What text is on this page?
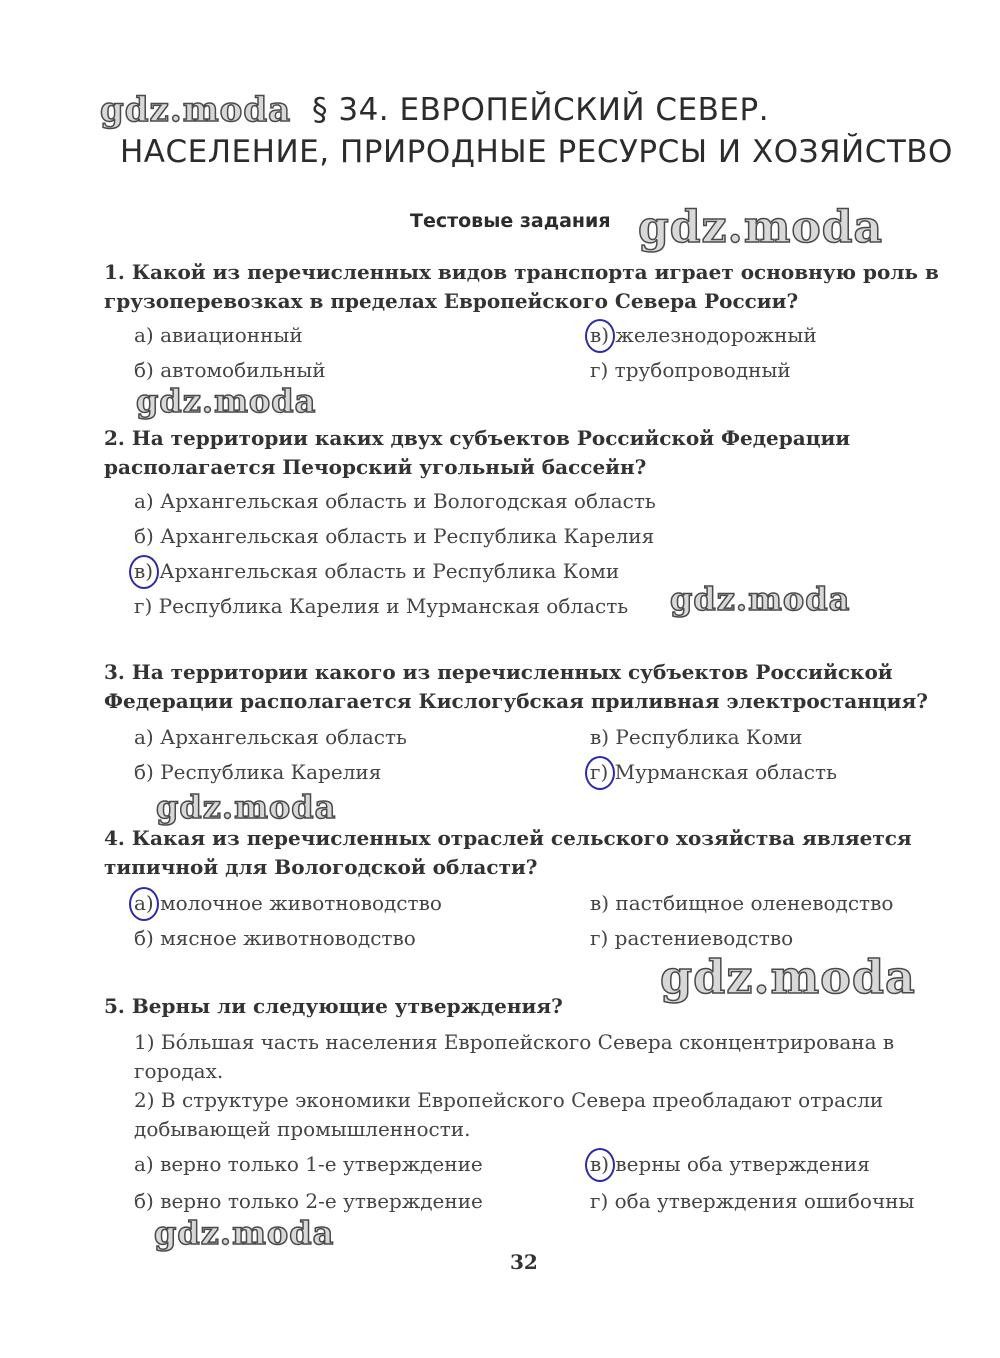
§ 34. ЕВРОПЕЙСКИЙ СЕВЕР.
НАСЕЛЕНИЕ, ПРИРОДНЫЕ РЕСУРСЫ И ХОЗЯЙСТВО
Тестовые задания
1. Какой из перечисленных видов транспорта играет основную роль в грузоперевозках в пределах Европейского Севера России?
а) авиационный	в) железнодорожный
б) автомобильный	г) трубопроводный
2. На территории каких двух субъектов Российской Федерации располагается Печорский угольный бассейн?
а) Архангельская область и Вологодская область
б) Архангельская область и Республика Карелия
в) Архангельская область и Республика Коми
г) Республика Карелия и Мурманская область
3. На территории какого из перечисленных субъектов Российской Федерации располагается Кислогубская приливная электростанция?
а) Архангельская область	в) Республика Коми
б) Республика Карелия	г) Мурманская область
4. Какая из перечисленных отраслей сельского хозяйства является типичной для Вологодской области?
а) молочное животноводство	в) пастбищное оленеводство
б) мясное животноводство	г) растениеводство
5. Верны ли следующие утверждения?
1) Бóльшая часть населения Европейского Севера сконцентрирована в городах.
2) В структуре экономики Европейского Севера преобладают отрасли добывающей промышленности.
а) верно только 1-е утверждение	в) верны оба утверждения
б) верно только 2-е утверждение	г) оба утверждения ошибочны
gdz.moda
gdz.moda
gdz.moda
gdz.moda
gdz.moda
gdz.moda
gdz.moda
32
